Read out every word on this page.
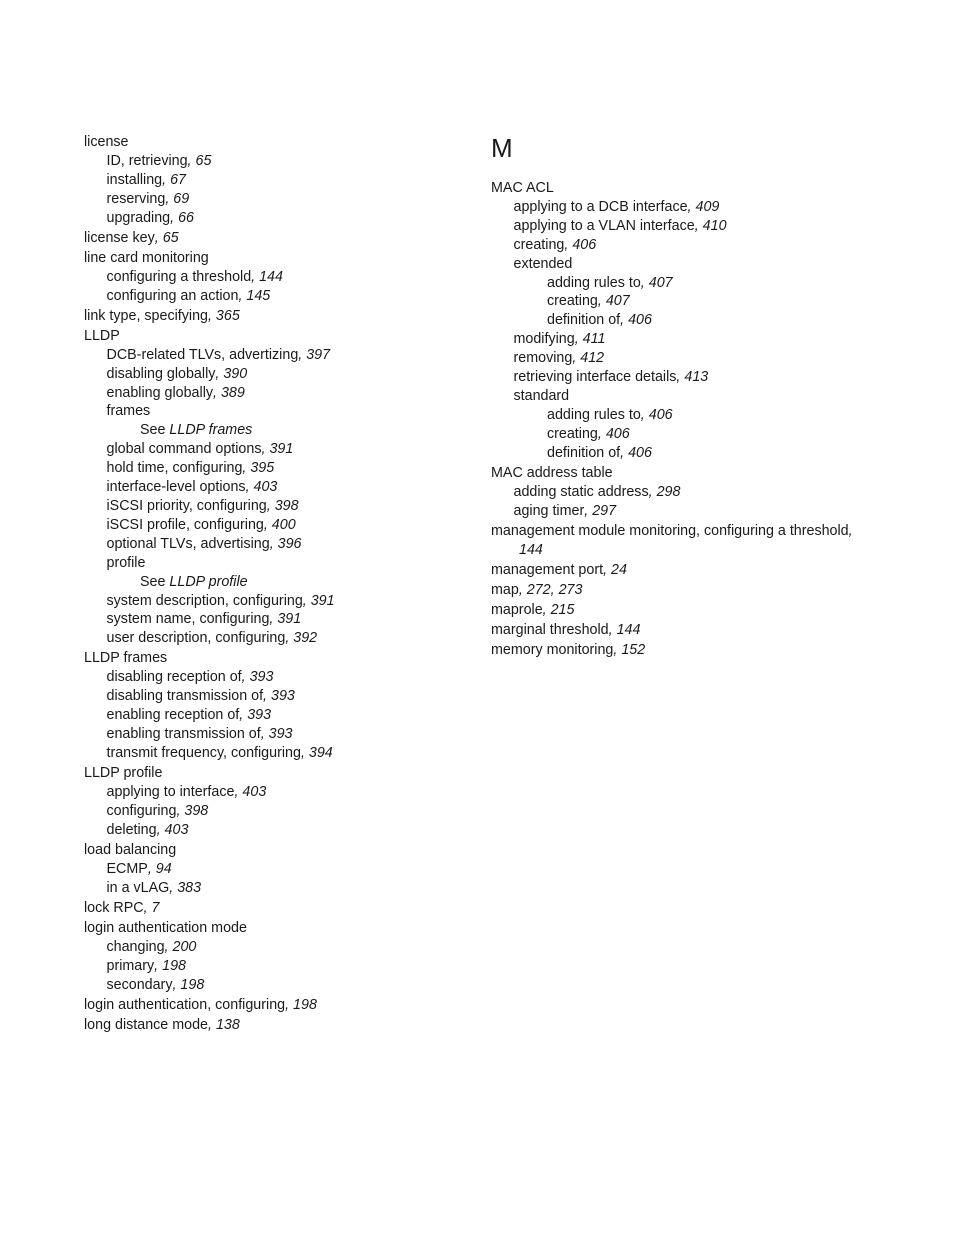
license
ID, retrieving, 65
installing, 67
reserving, 69
upgrading, 66
license key, 65
line card monitoring
configuring a threshold, 144
configuring an action, 145
link type, specifying, 365
LLDP
DCB-related TLVs, advertizing, 397
disabling globally, 390
enabling globally, 389
frames
See LLDP frames
global command options, 391
hold time, configuring, 395
interface-level options, 403
iSCSI priority, configuring, 398
iSCSI profile, configuring, 400
optional TLVs, advertising, 396
profile
See LLDP profile
system description, configuring, 391
system name, configuring, 391
user description, configuring, 392
LLDP frames
disabling reception of, 393
disabling transmission of, 393
enabling reception of, 393
enabling transmission of, 393
transmit frequency, configuring, 394
LLDP profile
applying to interface, 403
configuring, 398
deleting, 403
load balancing
ECMP, 94
in a vLAG, 383
lock RPC, 7
login authentication mode
changing, 200
primary, 198
secondary, 198
login authentication, configuring, 198
long distance mode, 138
M
MAC ACL
applying to a DCB interface, 409
applying to a VLAN interface, 410
creating, 406
extended
adding rules to, 407
creating, 407
definition of, 406
modifying, 411
removing, 412
retrieving interface details, 413
standard
adding rules to, 406
creating, 406
definition of, 406
MAC address table
adding static address, 298
aging timer, 297
management module monitoring, configuring a threshold,
144
management port, 24
map, 272, 273
maprole, 215
marginal threshold, 144
memory monitoring, 152
